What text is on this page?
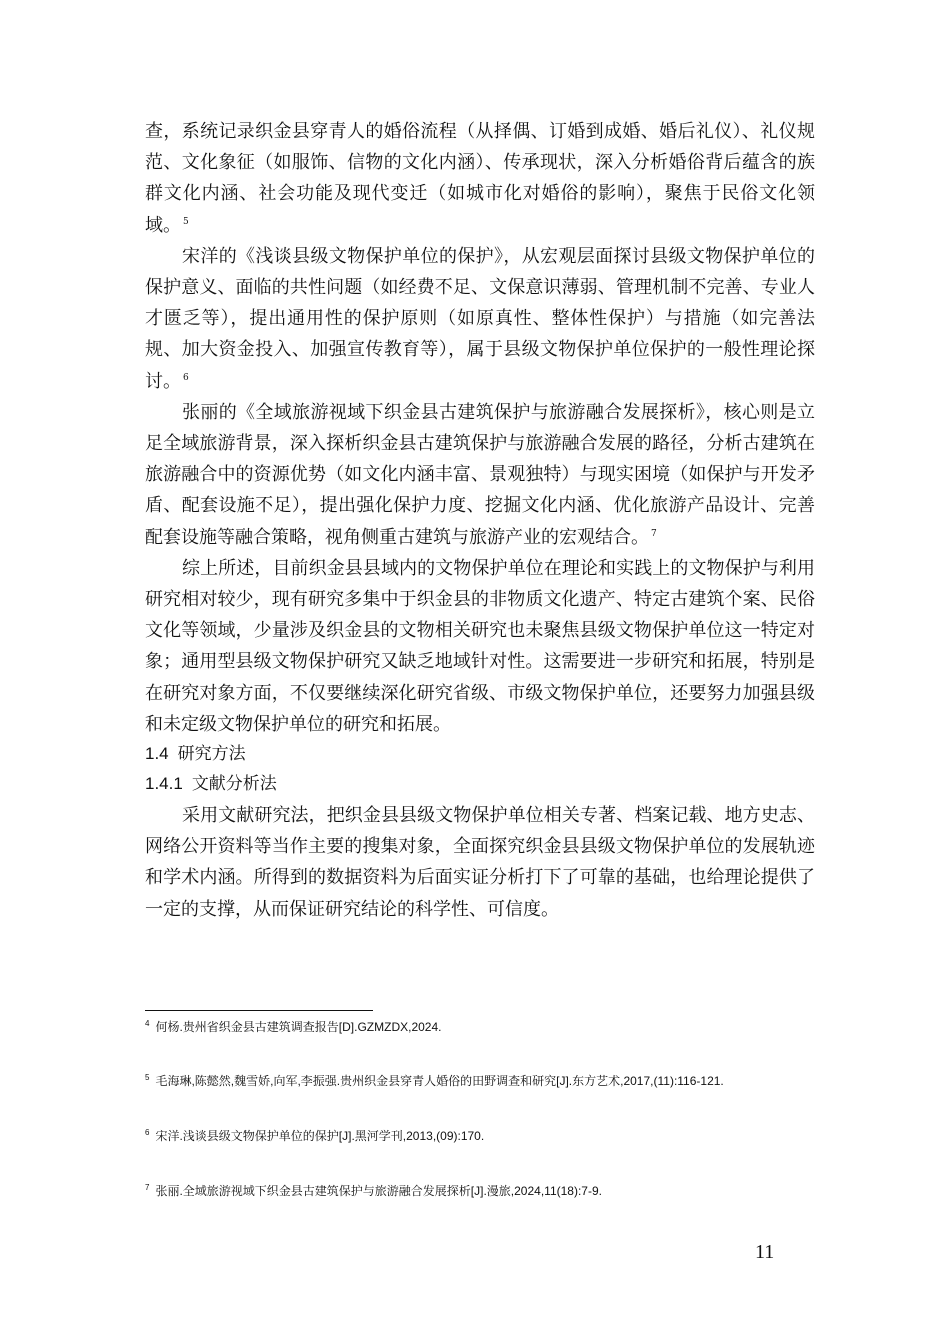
查，系统记录织金县穿青人的婚俗流程（从择偶、订婚到成婚、婚后礼仪）、礼仪规范、文化象征（如服饰、信物的文化内涵）、传承现状，深入分析婚俗背后蕴含的族群文化内涵、社会功能及现代变迁（如城市化对婚俗的影响），聚焦于民俗文化领域。 $^5$

宋洋的《浅谈县级文物保护单位的保护》，从宏观层面探讨县级文物保护单位的保护意义、面临的共性问题（如经费不足、文保意识薄弱、管理机制不完善、专业人才匮乏等），提出通用性的保护原则（如原真性、整体性保护）与措施（如完善法规、加大资金投入、加强宣传教育等），属于县级文物保护单位保护的一般性理论探讨。 $^6$

张丽的《全域旅游视域下织金县古建筑保护与旅游融合发展探析》，核心则是立足全域旅游背景，深入探析织金县古建筑保护与旅游融合发展的路径，分析古建筑在旅游融合中的资源优势（如文化内涵丰富、景观独特）与现实困境（如保护与开发矛盾、配套设施不足），提出强化保护力度、挖掘文化内涵、优化旅游产品设计、完善配套设施等融合策略，视角侧重古建筑与旅游产业的宏观结合。 $^7$

综上所述，目前织金县县域内的文物保护单位在理论和实践上的文物保护与利用研究相对较少，现有研究多集中于织金县的非物质文化遗产、特定古建筑个案、民俗文化等领域，少量涉及织金县的文物相关研究也未聚焦县级文物保护单位这一特定对象；通用型县级文物保护研究又缺乏地域针对性。这需要进一步研究和拓展，特别是在研究对象方面，不仅要继续深化研究省级、市级文物保护单位，还要努力加强县级和未定级文物保护单位的研究和拓展。

1.4 研究方法

1.4.1 文献分析法

采用文献研究法，把织金县县级文物保护单位相关专著、档案记载、地方史志、网络公开资料等当作主要的搜集对象，全面探究织金县县级文物保护单位的发展轨迹和学术内涵。所得到的数据资料为后面实证分析打下了可靠的基础，也给理论提供了一定的支撑，从而保证研究结论的科学性、可信度。

$^4$ 何杨.贵州省织金县古建筑调查报告[D].GZMZDX,2024.

$^5$ 毛海琳,陈懿然,魏雪娇,向军,李振强.贵州织金县穿青人婚俗的田野调查和研究[J].东方艺术,2017,(11):116-121.

$^6$ 宋洋.浅谈县级文物保护单位的保护[J].黑河学刊,2013,(09):170.

$^7$ 张丽.全域旅游视域下织金县古建筑保护与旅游融合发展探析[J].漫旅,2024,11(18):7-9.

11
